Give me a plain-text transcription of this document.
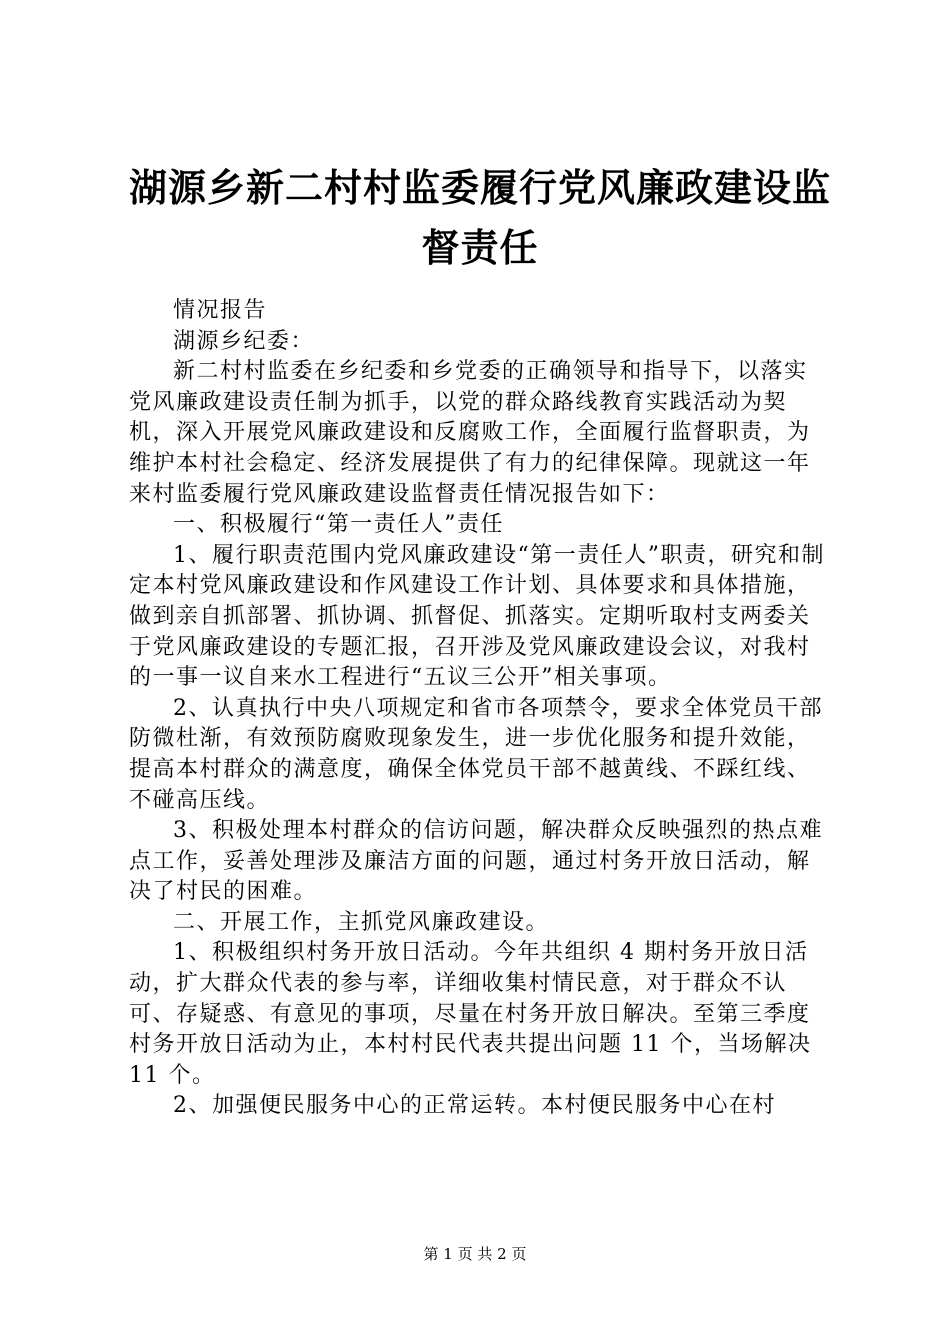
湖源乡新二村村监委履行党风廉政建设监督责任

情况报告

湖源乡纪委：

新二村村监委在乡纪委和乡党委的正确领导和指导下，以落实党风廉政建设责任制为抓手，以党的群众路线教育实践活动为契机，深入开展党风廉政建设和反腐败工作，全面履行监督职责，为维护本村社会稳定、经济发展提供了有力的纪律保障。现就这一年来村监委履行党风廉政建设监督责任情况报告如下：

一、积极履行“第一责任人”责任

1、履行职责范围内党风廉政建设“第一责任人”职责，研究和制定本村党风廉政建设和作风建设工作计划、具体要求和具体措施，做到亲自抓部署、抓协调、抓督促、抓落实。定期听取村支两委关于党风廉政建设的专题汇报，召开涉及党风廉政建设会议，对我村的一事一议自来水工程进行“五议三公开”相关事项。

2、认真执行中央八项规定和省市各项禁令，要求全体党员干部防微杜渐，有效预防腐败现象发生，进一步优化服务和提升效能，提高本村群众的满意度，确保全体党员干部不越黄线、不踩红线、不碰高压线。

3、积极处理本村群众的信访问题，解决群众反映强烈的热点难点工作，妥善处理涉及廉洁方面的问题，通过村务开放日活动，解决了村民的困难。

二、开展工作，主抓党风廉政建设。

1、积极组织村务开放日活动。今年共组织 4 期村务开放日活动，扩大群众代表的参与率，详细收集村情民意，对于群众不认可、存疑惑、有意见的事项，尽量在村务开放日解决。至第三季度村务开放日活动为止，本村村民代表共提出问题 11 个，当场解决 11 个。

2、加强便民服务中心的正常运转。本村便民服务中心在村

第 1 页 共 2 页
